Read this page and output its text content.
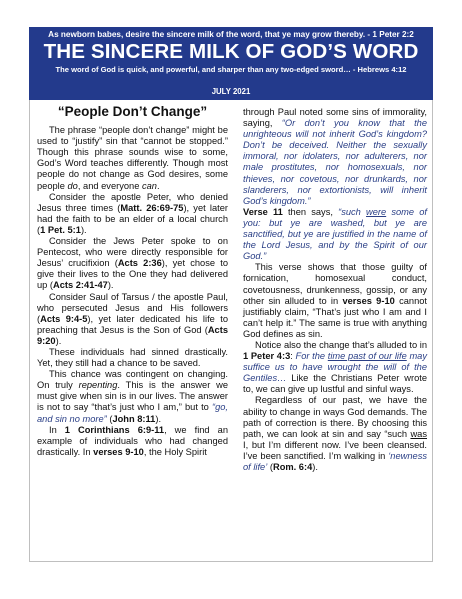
As newborn babes, desire the sincere milk of the word, that ye may grow thereby. - 1 Peter 2:2
THE SINCERE MILK OF GOD’S WORD
The word of God is quick, and powerful, and sharper than any two-edged sword… - Hebrews 4:12
JULY 2021
“People Don’t Change”

The phrase “people don’t change” might be used to “justify” sin that “cannot be stopped.” Though this phrase sounds wise to some, God’s Word teaches differently. Though most people do not change as God desires, some people do, and everyone can.

Consider the apostle Peter, who denied Jesus three times (Matt. 26:69-75), yet later had the faith to be an elder of a local church (1 Pet. 5:1).

Consider the Jews Peter spoke to on Pentecost, who were directly responsible for Jesus’ crucifixion (Acts 2:36), yet chose to give their lives to the One they had delivered up (Acts 2:41-47).

Consider Saul of Tarsus / the apostle Paul, who persecuted Jesus and His followers (Acts 9:4-5), yet later dedicated his life to preaching that Jesus is the Son of God (Acts 9:20).

These individuals had sinned drastically. Yet, they still had a chance to be saved.

This chance was contingent on changing. On truly repenting. This is the answer we must give when sin is in our lives. The answer is not to say “that’s just who I am,” but to “go, and sin no more” (John 8:11).

In 1 Corinthians 6:9-11, we find an example of individuals who had changed drastically. In verses 9-10, the Holy Spirit

through Paul noted some sins of immorality, saying, “Or don’t you know that the unrighteous will not inherit God’s kingdom? Don’t be deceived. Neither the sexually immoral, nor idolaters, nor adulterers, nor male prostitutes, nor homosexuals, nor thieves, nor covetous, nor drunkards, nor slanderers, nor extortionists, will inherit God’s kingdom.”

Verse 11 then says, “such were some of you: but ye are washed, but ye are sanctified, but ye are justified in the name of the Lord Jesus, and by the Spirit of our God.”

This verse shows that those guilty of fornication, homosexual conduct, covetousness, drunkenness, gossip, or any other sin alluded to in verses 9-10 cannot justifiably claim, “That’s just who I am and I can’t help it.” The same is true with anything God defines as sin.

Notice also the change that’s alluded to in 1 Peter 4:3: For the time past of our life may suffice us to have wrought the will of the Gentiles… Like the Christians Peter wrote to, we can give up lustful and sinful ways.

Regardless of our past, we have the ability to change in ways God demands. The path of correction is there. By choosing this path, we can look at sin and say “such was I, but I’m different now. I’ve been cleansed. I’ve been sanctified. I’m walking in ‘newness of life’ (Rom. 6:4).
